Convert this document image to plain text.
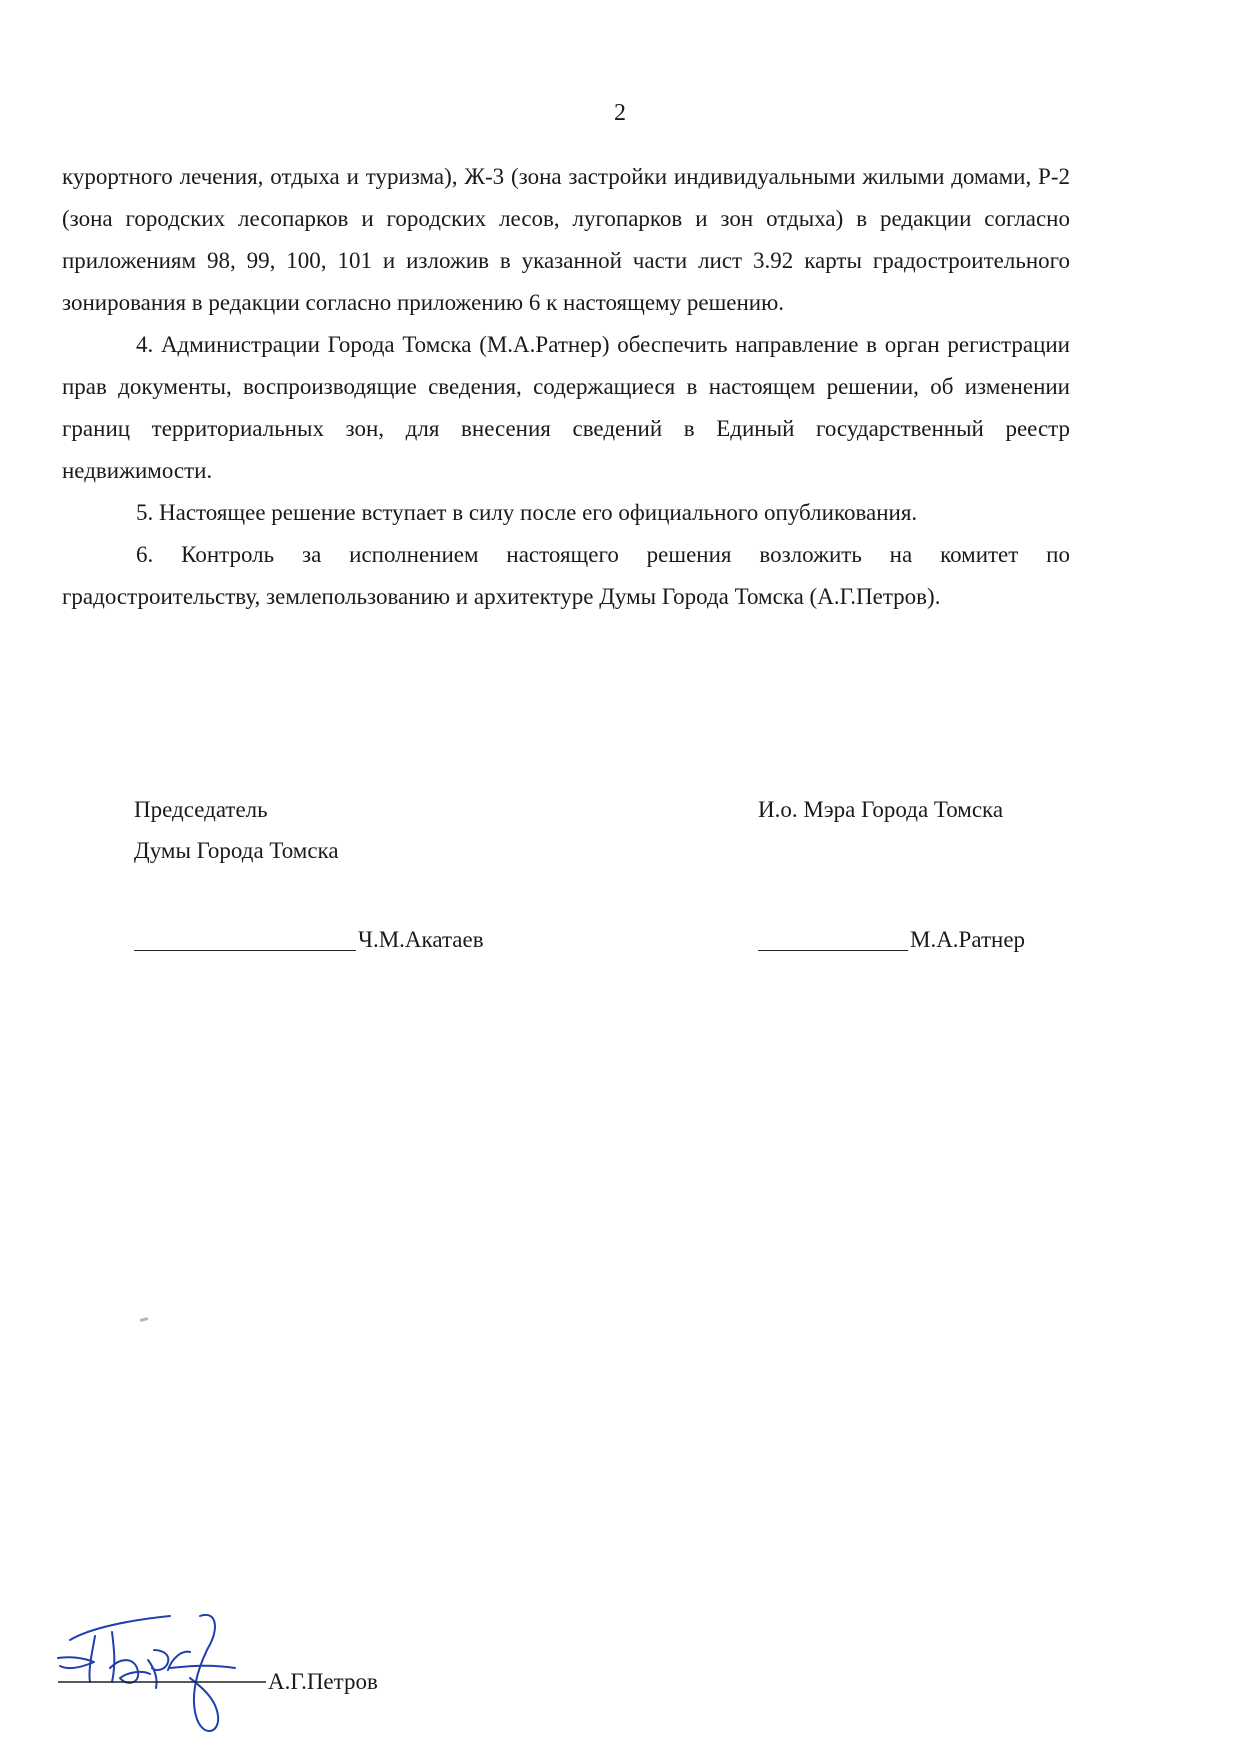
2

курортного лечения, отдыха и туризма), Ж-3 (зона застройки индивидуальными жилыми домами, Р-2 (зона городских лесопарков и городских лесов, лугопарков и зон отдыха) в редакции согласно приложениям 98, 99, 100, 101 и изложив в указанной части лист 3.92 карты градостроительного зонирования в редакции согласно приложению 6 к настоящему решению.

4. Администрации Города Томска (М.А.Ратнер) обеспечить направление в орган регистрации прав документы, воспроизводящие сведения, содержащиеся в настоящем решении, об изменении границ территориальных зон, для внесения сведений в Единый государственный реестр недвижимости.

5. Настоящее решение вступает в силу после его официального опубликования.

6. Контроль за исполнением настоящего решения возложить на комитет по градостроительству, землепользованию и архитектуре Думы Города Томска (А.Г.Петров).

Председатель
Думы Города Томска
Ч.М.Акатаев
И.о. Мэра Города Томска
М.А.Ратнер
А.Г.Петров
